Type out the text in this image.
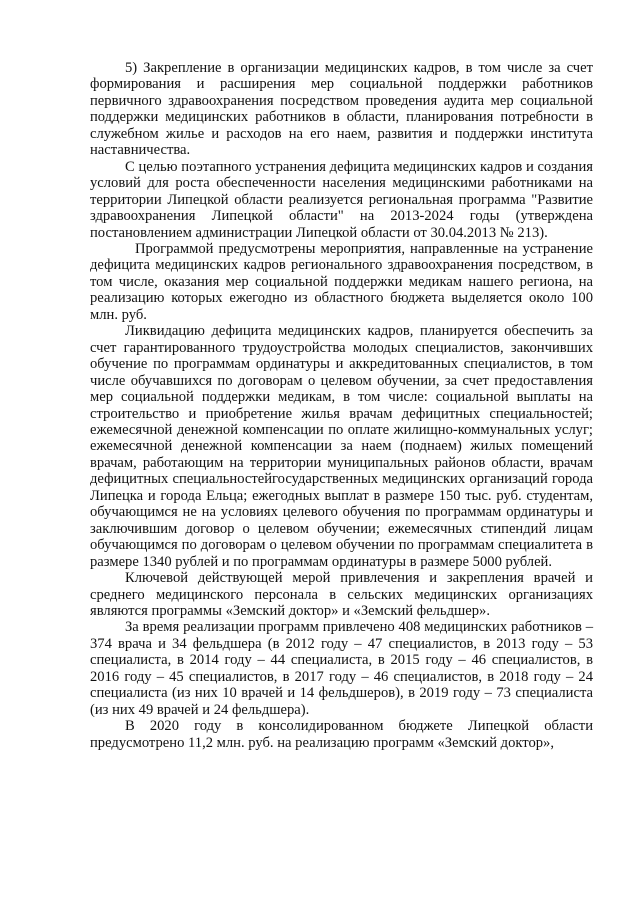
5) Закрепление в организации медицинских кадров, в том числе за счет формирования и расширения мер социальной поддержки работников первичного здравоохранения посредством проведения аудита мер социальной поддержки медицинских работников в области, планирования потребности в служебном жилье и расходов на его наем, развития и поддержки института наставничества.

С целью поэтапного устранения дефицита медицинских кадров и создания условий для роста обеспеченности населения медицинскими работниками на территории Липецкой области реализуется региональная программа "Развитие здравоохранения Липецкой области" на 2013-2024 годы (утверждена постановлением администрации Липецкой области от 30.04.2013 № 213).

Программой предусмотрены мероприятия, направленные на устранение дефицита медицинских кадров регионального здравоохранения посредством, в том числе, оказания мер социальной поддержки медикам нашего региона, на реализацию которых ежегодно из областного бюджета выделяется около 100 млн. руб.

Ликвидацию дефицита медицинских кадров, планируется обеспечить за счет гарантированного трудоустройства молодых специалистов, закончивших обучение по программам ординатуры и аккредитованных специалистов, в том числе обучавшихся по договорам о целевом обучении, за счет предоставления мер социальной поддержки медикам, в том числе: социальной выплаты на строительство и приобретение жилья врачам дефицитных специальностей; ежемесячной денежной компенсации по оплате жилищно-коммунальных услуг; ежемесячной денежной компенсации за наем (поднаем) жилых помещений врачам, работающим на территории муниципальных районов области, врачам дефицитных специальностейгосударственных медицинских организаций города Липецка и города Ельца; ежегодных выплат в размере 150 тыс. руб. студентам, обучающимся не на условиях целевого обучения по программам ординатуры и заключившим договор о целевом обучении; ежемесячных стипендий лицам обучающимся по договорам о целевом обучении по программам специалитета в размере 1340 рублей и по программам ординатуры в размере 5000 рублей.

Ключевой действующей мерой привлечения и закрепления врачей и среднего медицинского персонала в сельских медицинских организациях являются программы «Земский доктор» и «Земский фельдшер».

За время реализации программ привлечено 408 медицинских работников – 374 врача и 34 фельдшера (в 2012 году – 47 специалистов, в 2013 году – 53 специалиста, в 2014 году – 44 специалиста, в 2015 году – 46 специалистов, в 2016 году – 45 специалистов, в 2017 году – 46 специалистов, в 2018 году – 24 специалиста (из них 10 врачей и 14 фельдшеров), в 2019 году – 73 специалиста (из них 49 врачей и 24 фельдшера).

В 2020 году в консолидированном бюджете Липецкой области предусмотрено 11,2 млн. руб. на реализацию программ «Земский доктор»,
